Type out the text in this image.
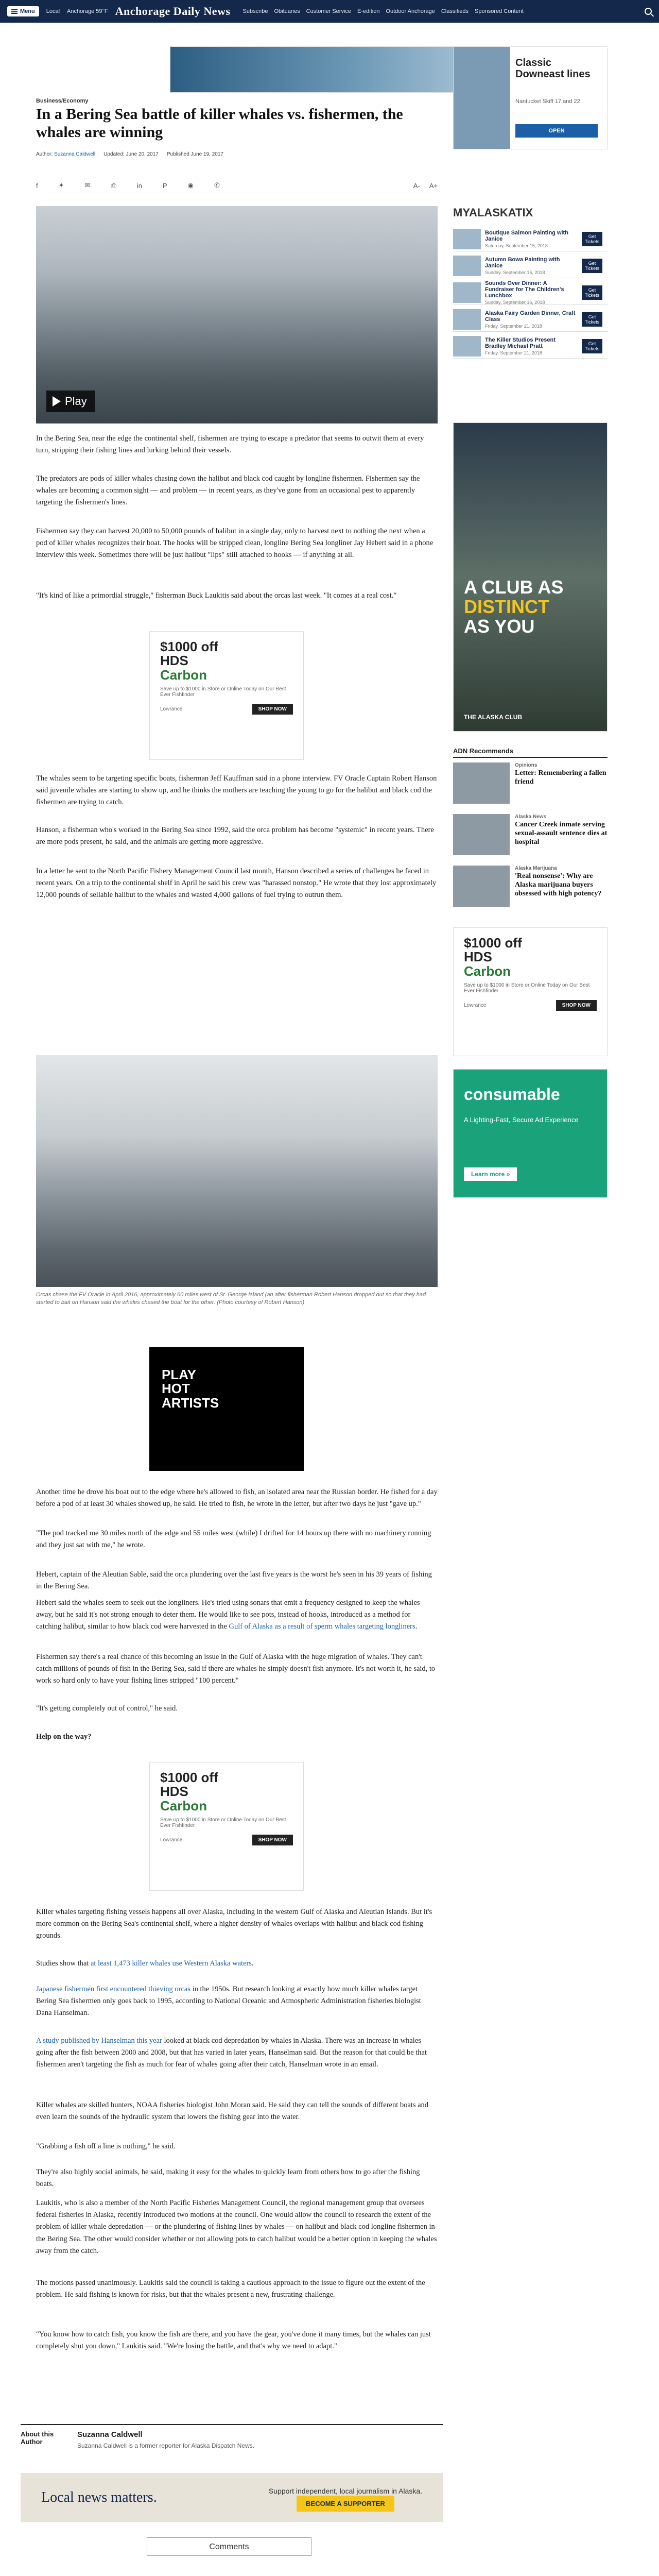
Menu Local Anchorage 59°F Anchorage Daily News Subscribe Obituaries Customer Service E-edition Outdoor Anchorage Classifieds Sponsored Content
Business/Economy
In a Bering Sea battle of killer whales vs. fishermen, the whales are winning
Author: Suzanna Caldwell Updated: June 20, 2017 Published June 19, 2017
f	✦	✉	⎙	in	P	◉	✆	A- A+
Play

In the Bering Sea, near the edge the continental shelf, fishermen are trying to escape a predator that seems to outwit them at every turn, stripping their fishing lines and lurking behind their vessels.

The predators are pods of killer whales chasing down the halibut and black cod caught by longline fishermen. Fishermen say the whales are becoming a common sight — and problem — in recent years, as they've gone from an occasional pest to apparently targeting the fishermen's lines.

Fishermen say they can harvest 20,000 to 50,000 pounds of halibut in a single day, only to harvest next to nothing the next when a pod of killer whales recognizes their boat. The hooks will be stripped clean, longline Bering Sea longliner Jay Hebert said in a phone interview this week. Sometimes there will be just halibut "lips" still attached to hooks — if anything at all.

"It's kind of like a primordial struggle," fisherman Buck Laukitis said about the orcas last week. "It comes at a real cost."

$1000 off
HDS
Carbon

Save up to $1000 in Store or Online Today on Our Best Ever Fishfinder

Lowrance	SHOP NOW

The whales seem to be targeting specific boats, fisherman Jeff Kauffman said in a phone interview. FV Oracle Captain Robert Hanson said juvenile whales are starting to show up, and he thinks the mothers are teaching the young to go for the halibut and black cod the fishermen are trying to catch.

Hanson, a fisherman who's worked in the Bering Sea since 1992, said the orca problem has become "systemic" in recent years. There are more pods present, he said, and the animals are getting more aggressive.

In a letter he sent to the North Pacific Fishery Management Council last month, Hanson described a series of challenges he faced in recent years. On a trip to the continental shelf in April he said his crew was "harassed nonstop." He wrote that they lost approximately 12,000 pounds of sellable halibut to the whales and wasted 4,000 gallons of fuel trying to outrun them.

Orcas chase the FV Oracle in April 2016, approximately 60 miles west of St. George Island (an after fisherman Robert Hanson dropped out so that they had started to bait on Hanson said the whales chased the boat for the other. (Photo courtesy of Robert Hanson)

PLAY
HOT
ARTISTS

Another time he drove his boat out to the edge where he's allowed to fish, an isolated area near the Russian border. He fished for a day before a pod of at least 30 whales showed up, he said. He tried to fish, he wrote in the letter, but after two days he just "gave up."

"The pod tracked me 30 miles north of the edge and 55 miles west (while) I drifted for 14 hours up there with no machinery running and they just sat with me," he wrote.

Hebert, captain of the Aleutian Sable, said the orca plundering over the last five years is the worst he's seen in his 39 years of fishing in the Bering Sea.

Hebert said the whales seem to seek out the longliners. He's tried using sonars that emit a frequency designed to keep the whales away, but he said it's not strong enough to deter them. He would like to see pots, instead of hooks, introduced as a method for catching halibut, similar to how black cod were harvested in the Gulf of Alaska as a result of sperm whales targeting longliners.

Fishermen say there's a real chance of this becoming an issue in the Gulf of Alaska with the huge migration of whales. They can't catch millions of pounds of fish in the Bering Sea, said if there are whales he simply doesn't fish anymore. It's not worth it, he said, to work so hard only to have your fishing lines stripped "100 percent."

"It's getting completely out of control," he said.

Help on the way?

$1000 off
HDS
Carbon

Save up to $1000 in Store or Online Today on Our Best Ever Fishfinder

Lowrance	SHOP NOW

Killer whales targeting fishing vessels happens all over Alaska, including in the western Gulf of Alaska and Aleutian Islands. But it's more common on the Bering Sea's continental shelf, where a higher density of whales overlaps with halibut and black cod fishing grounds.

Studies show that at least 1,473 killer whales use Western Alaska waters.

Japanese fishermen first encountered thieving orcas in the 1950s. But research looking at exactly how much killer whales target Bering Sea fishermen only goes back to 1995, according to National Oceanic and Atmospheric Administration fisheries biologist Dana Hanselman.

A study published by Hanselman this year looked at black cod depredation by whales in Alaska. There was an increase in whales going after the fish between 2000 and 2008, but that has varied in later years, Hanselman said. But the reason for that could be that fishermen aren't targeting the fish as much for fear of whales going after their catch, Hanselman wrote in an email.

Killer whales are skilled hunters, NOAA fisheries biologist John Moran said. He said they can tell the sounds of different boats and even learn the sounds of the hydraulic system that lowers the fishing gear into the water.

"Grabbing a fish off a line is nothing," he said.

They're also highly social animals, he said, making it easy for the whales to quickly learn from others how to go after the fishing boats.

Laukitis, who is also a member of the North Pacific Fisheries Management Council, the regional management group that oversees federal fisheries in Alaska, recently introduced two motions at the council. One would allow the council to research the extent of the problem of killer whale depredation — or the plundering of fishing lines by whales — on halibut and black cod longline fishermen in the Bering Sea. The other would consider whether or not allowing pots to catch halibut would be a better option in keeping the whales away from the catch.

The motions passed unanimously. Laukitis said the council is taking a cautious approach to the issue to figure out the extent of the problem. He said fishing is known for risks, but that the whales present a new, frustrating challenge.

"You know how to catch fish, you know the fish are there, and you have the gear, you've done it many times, but the whales can just completely shut you down," Laukitis said. "We're losing the battle, and that's why we need to adapt."

About this Author
Suzanna Caldwell
Suzanna Caldwell is a former reporter for Alaska Dispatch News.
Local news matters.	Support independent, local journalism in Alaska.
BECOME A SUPPORTER
Comments
Classic Downeast lines
Nantucket Skiff 17 and 22
OPEN
MYALASKATIX
Boutique Salmon Painting with Janice
Saturday, September 15, 2018
Get Tickets
Autumn Bowa Painting with Janice
Sunday, September 16, 2018
Get Tickets
Sounds Over Dinner: A Fundraiser for The Children's Lunchbox
Sunday, September 16, 2018
Get Tickets
Alaska Fairy Garden Dinner, Craft Class
Friday, September 21, 2018
Get Tickets
The Killer Studios Present Bradley Michael Pratt
Friday, September 21, 2018
Get Tickets
A CLUB AS
DISTINCT
AS YOU
THE ALASKA CLUB
ADN Recommends
Opinions
Letter: Remembering a fallen friend
Alaska News
Cancer Creek inmate serving sexual-assault sentence dies at hospital
Alaska Marijuana
'Real nonsense': Why are Alaska marijuana buyers obsessed with high potency?
$1000 off
HDS
Carbon

Save up to $1000 in Store or Online Today on Our Best Ever Fishfinder

Lowrance	SHOP NOW
consumable
A Lighting-Fast, Secure Ad Experience
Learn more »
